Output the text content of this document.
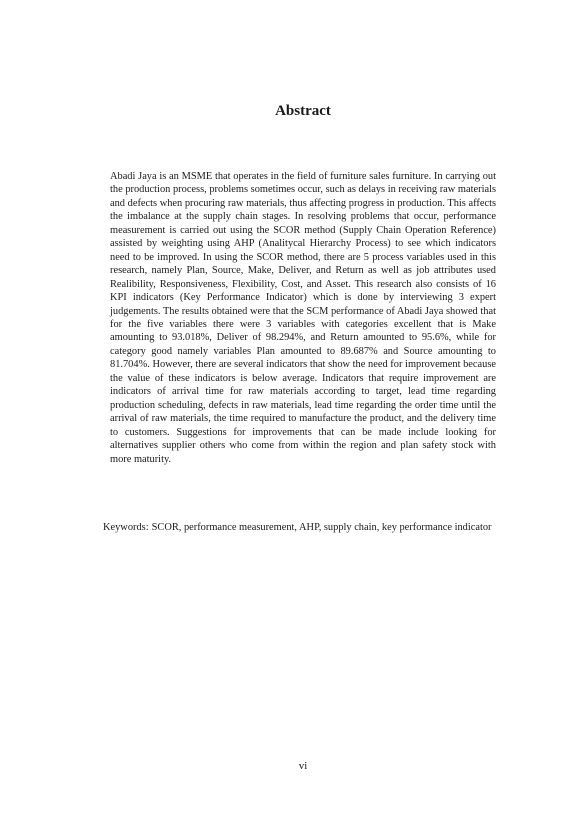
Abstract
Abadi Jaya is an MSME that operates in the field of furniture sales furniture. In carrying out the production process, problems sometimes occur, such as delays in receiving raw materials and defects when procuring raw materials, thus affecting progress in production. This affects the imbalance at the supply chain stages. In resolving problems that occur, performance measurement is carried out using the SCOR method (Supply Chain Operation Reference) assisted by weighting using AHP (Analitycal Hierarchy Process) to see which indicators need to be improved. In using the SCOR method, there are 5 process variables used in this research, namely Plan, Source, Make, Deliver, and Return as well as job attributes used Realibility, Responsiveness, Flexibility, Cost, and Asset. This research also consists of 16 KPI indicators (Key Performance Indicator) which is done by interviewing 3 expert judgements. The results obtained were that the SCM performance of Abadi Jaya showed that for the five variables there were 3 variables with categories excellent that is Make amounting to 93.018%, Deliver of 98.294%, and Return amounted to 95.6%, while for category good namely variables Plan amounted to 89.687% and Source amounting to 81.704%. However, there are several indicators that show the need for improvement because the value of these indicators is below average. Indicators that require improvement are indicators of arrival time for raw materials according to target, lead time regarding production scheduling, defects in raw materials, lead time regarding the order time until the arrival of raw materials, the time required to manufacture the product, and the delivery time to customers. Suggestions for improvements that can be made include looking for alternatives supplier others who come from within the region and plan safety stock with more maturity.
Keywords: SCOR, performance measurement, AHP, supply chain, key performance indicator
vi
